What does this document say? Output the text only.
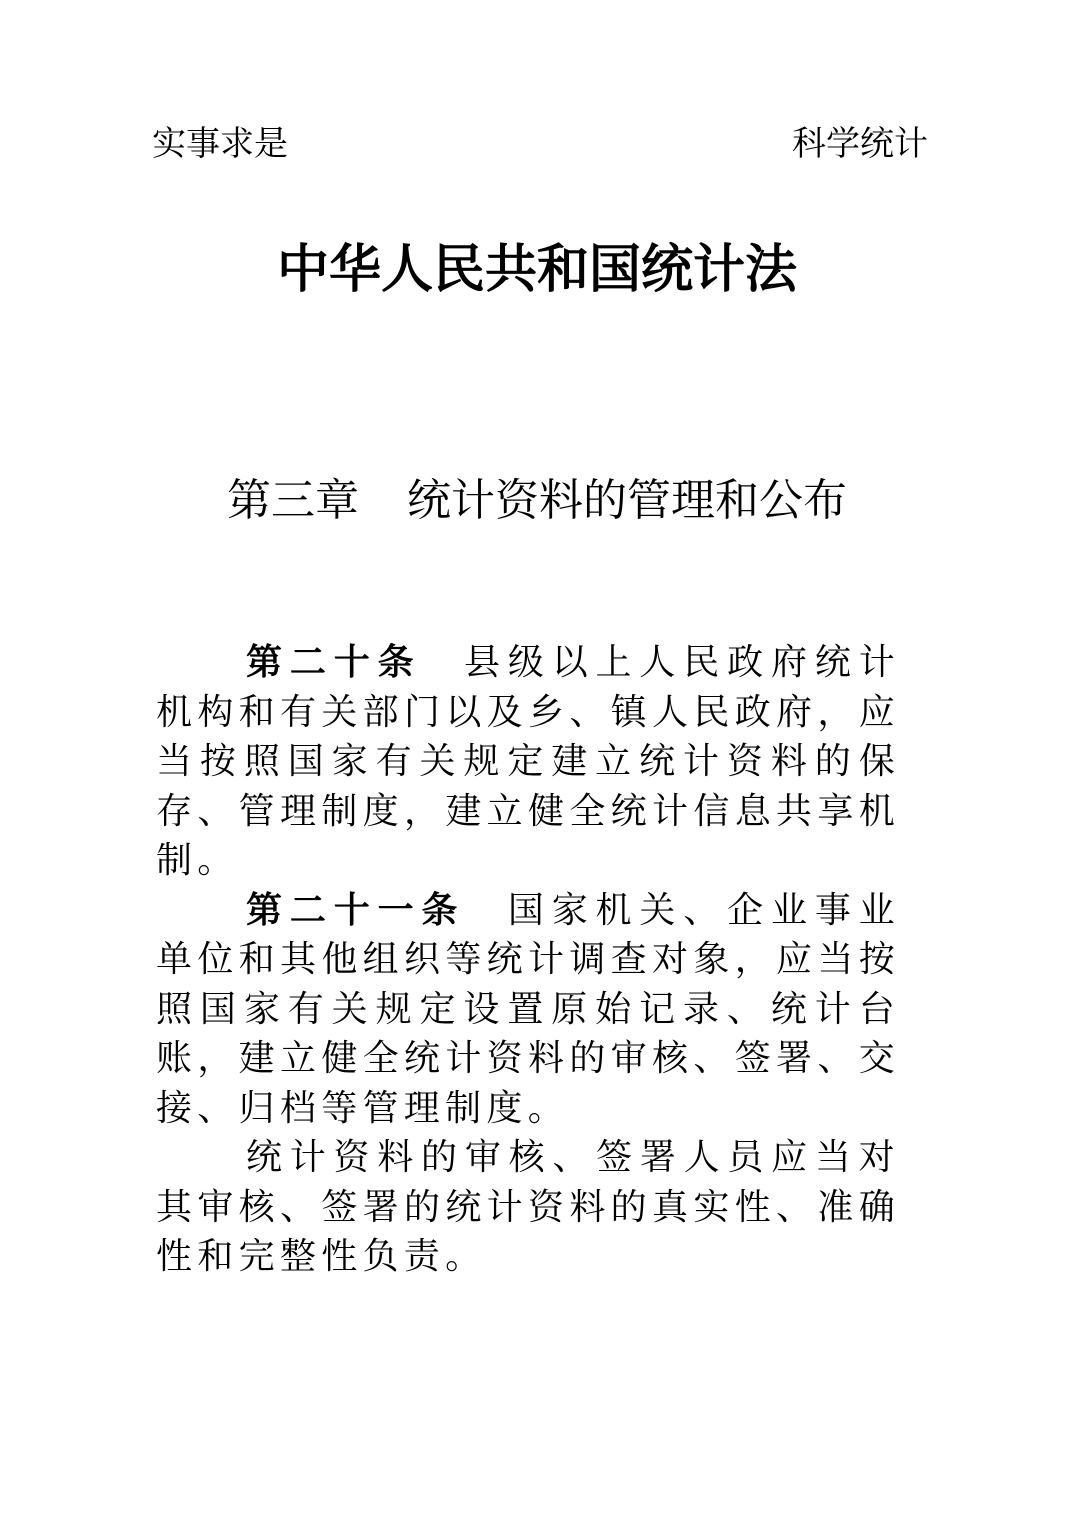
实事求是	科学统计
中华人民共和国统计法
第三章 统计资料的管理和公布

第二十条 县级以上人民政府统计机构和有关部门以及乡、镇人民政府，应当按照国家有关规定建立统计资料的保存、管理制度，建立健全统计信息共享机制。

第二十一条 国家机关、企业事业单位和其他组织等统计调查对象，应当按照国家有关规定设置原始记录、统计台账，建立健全统计资料的审核、签署、交接、归档等管理制度。

统计资料的审核、签署人员应当对其审核、签署的统计资料的真实性、准确性和完整性负责。
